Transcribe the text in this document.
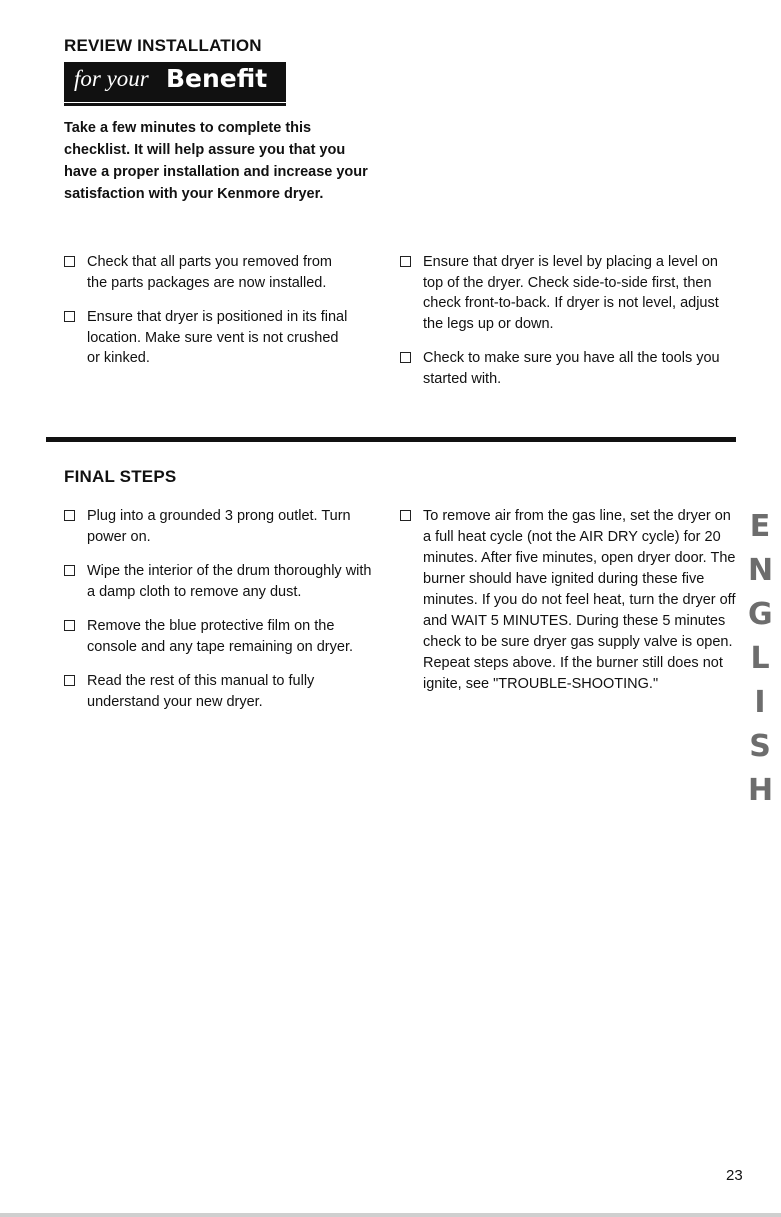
REVIEW INSTALLATION
for your Benefit
Take a few minutes to complete this checklist. It will help assure you that you have a proper installation and increase your satisfaction with your Kenmore dryer.
Check that all parts you removed from the parts packages are now installed.
Ensure that dryer is positioned in its final location. Make sure vent is not crushed or kinked.
Ensure that dryer is level by placing a level on top of the dryer. Check side-to-side first, then check front-to-back. If dryer is not level, adjust the legs up or down.
Check to make sure you have all the tools you started with.
FINAL STEPS
Plug into a grounded 3 prong outlet. Turn power on.
Wipe the interior of the drum thoroughly with a damp cloth to remove any dust.
Remove the blue protective film on the console and any tape remaining on dryer.
Read the rest of this manual to fully understand your new dryer.
To remove air from the gas line, set the dryer on a full heat cycle (not the AIR DRY cycle) for 20 minutes. After five minutes, open dryer door. The burner should have ignited during these five minutes. If you do not feel heat, turn the dryer off and WAIT 5 MINUTES. During these 5 minutes check to be sure dryer gas supply valve is open. Repeat steps above. If the burner still does not ignite, see "TROUBLE-SHOOTING."
E
N
G
L
I
S
H
23
